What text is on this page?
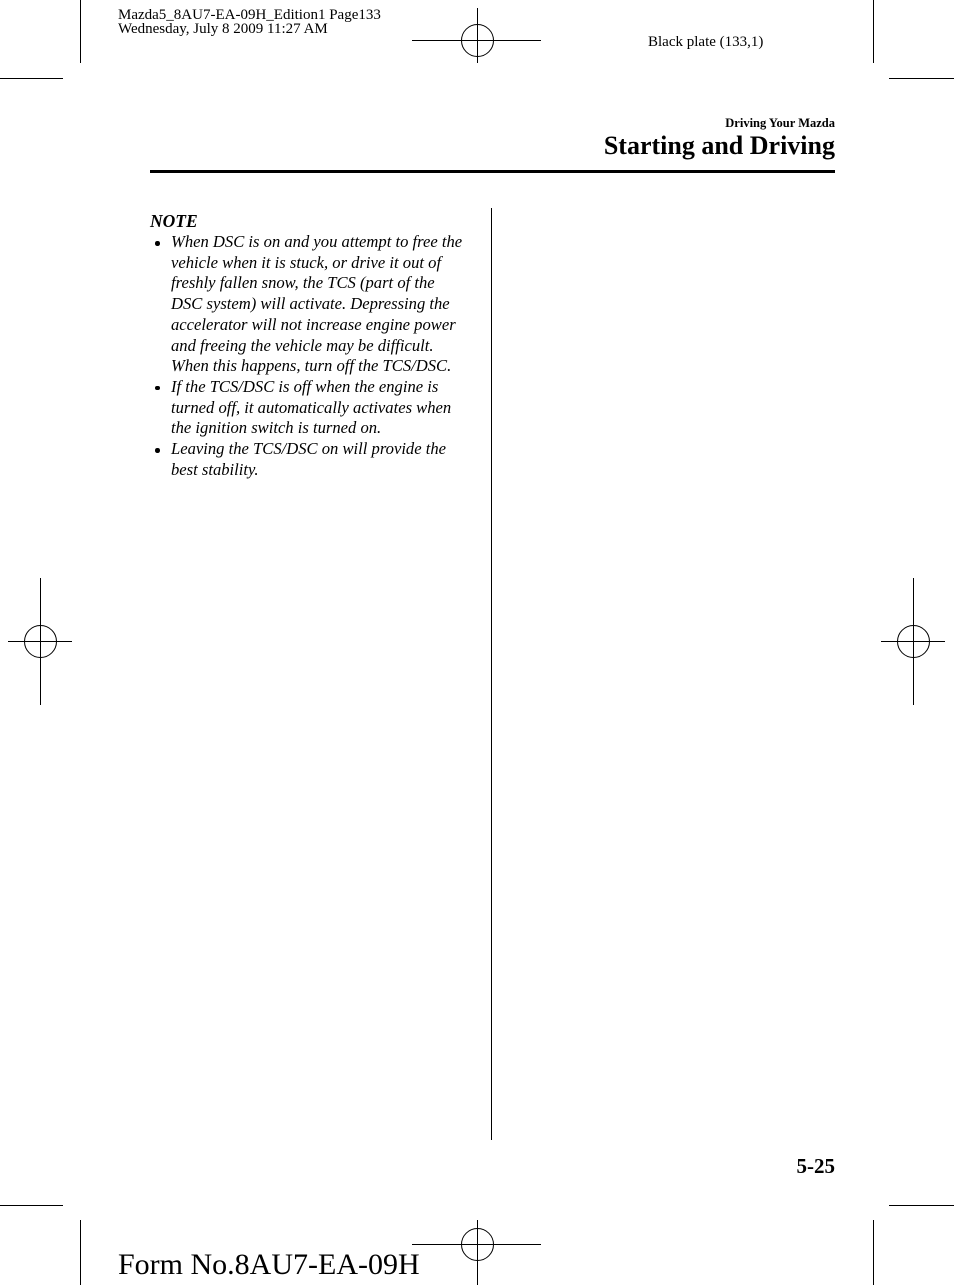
Mazda5_8AU7-EA-09H_Edition1 Page133
Wednesday, July 8 2009 11:27 AM
Black plate (133,1)
Driving Your Mazda
Starting and Driving
NOTE
When DSC is on and you attempt to free the
vehicle when it is stuck, or drive it out of
freshly fallen snow, the TCS (part of the
DSC system) will activate. Depressing the
accelerator will not increase engine power
and freeing the vehicle may be difficult.
When this happens, turn off the TCS/DSC.
If the TCS/DSC is off when the engine is
turned off, it automatically activates when
the ignition switch is turned on.
Leaving the TCS/DSC on will provide the
best stability.
5-25
Form No.8AU7-EA-09H
